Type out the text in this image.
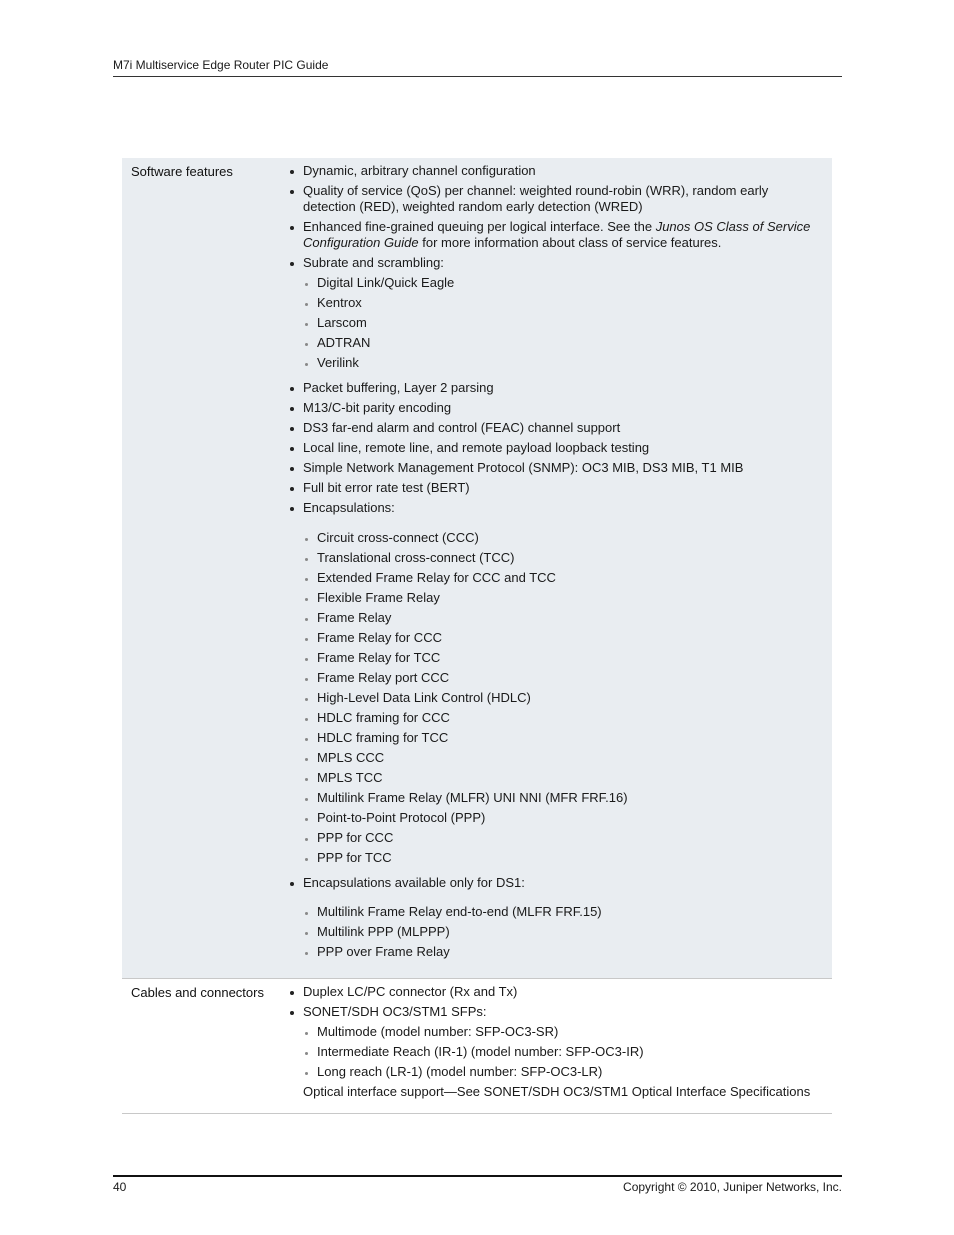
M7i Multiservice Edge Router PIC Guide
Software features	Dynamic, arbitrary channel configuration
Quality of service (QoS) per channel: weighted round-robin (WRR), random early detection (RED), weighted random early detection (WRED)
Enhanced fine-grained queuing per logical interface. See the Junos OS Class of Service Configuration Guide for more information about class of service features.
Subrate and scrambling:
Digital Link/Quick Eagle
Kentrox
Larscom
ADTRAN
Verilink
Packet buffering, Layer 2 parsing
M13/C-bit parity encoding
DS3 far-end alarm and control (FEAC) channel support
Local line, remote line, and remote payload loopback testing
Simple Network Management Protocol (SNMP): OC3 MIB, DS3 MIB, T1 MIB
Full bit error rate test (BERT)
Encapsulations:
Circuit cross-connect (CCC)
Translational cross-connect (TCC)
Extended Frame Relay for CCC and TCC
Flexible Frame Relay
Frame Relay
Frame Relay for CCC
Frame Relay for TCC
Frame Relay port CCC
High-Level Data Link Control (HDLC)
HDLC framing for CCC
HDLC framing for TCC
MPLS CCC
MPLS TCC
Multilink Frame Relay (MLFR) UNI NNI (MFR FRF.16)
Point-to-Point Protocol (PPP)
PPP for CCC
PPP for TCC
Encapsulations available only for DS1:
Multilink Frame Relay end-to-end (MLFR FRF.15)
Multilink PPP (MLPPP)
PPP over Frame Relay
Cables and connectors	Duplex LC/PC connector (Rx and Tx)
SONET/SDH OC3/STM1 SFPs:
Multimode (model number: SFP-OC3-SR)
Intermediate Reach (IR-1) (model number: SFP-OC3-IR)
Long reach (LR-1) (model number: SFP-OC3-LR)
Optical interface support—See SONET/SDH OC3/STM1 Optical Interface Specifications
40	Copyright © 2010, Juniper Networks, Inc.
